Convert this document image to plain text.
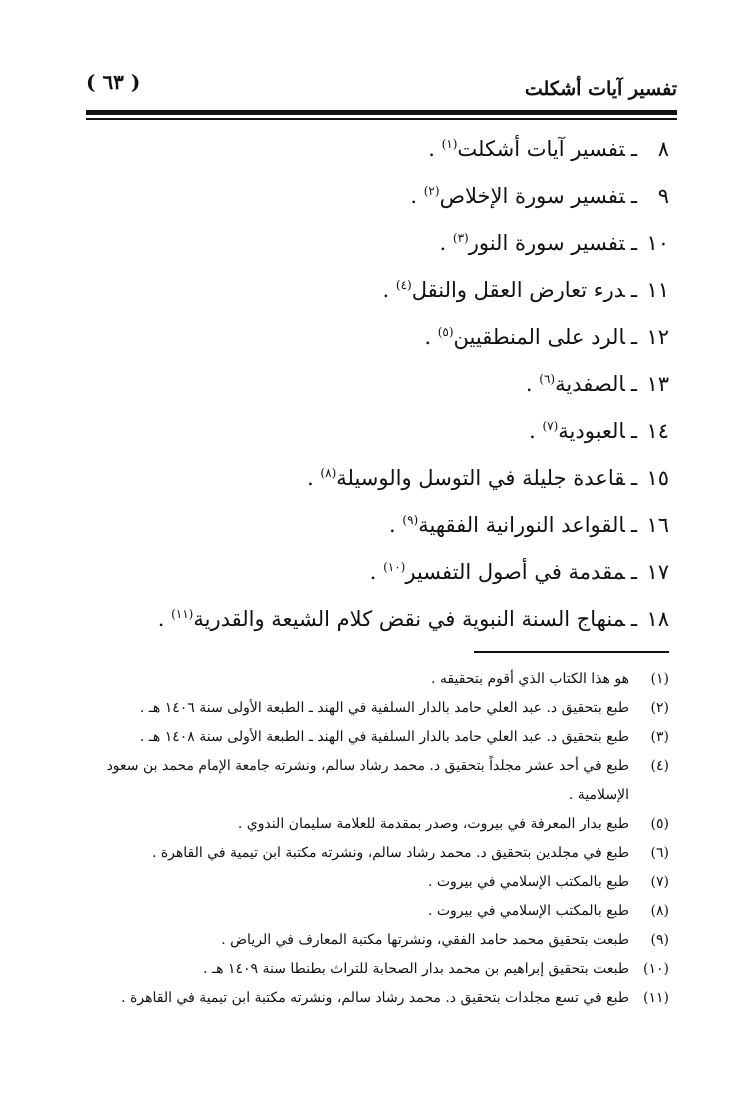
( ٦٣ )	تفسير آيات أشكلت
٨ـتفسير آيات أشكلت$^{(١)}$ .
٩ـتفسير سورة الإخلاص$^{(٢)}$ .
١٠ـتفسير سورة النور$^{(٣)}$ .
١١ـدرء تعارض العقل والنقل$^{(٤)}$ .
١٢ـالرد على المنطقيين$^{(٥)}$ .
١٣ـالصفدية$^{(٦)}$ .
١٤ـالعبودية$^{(٧)}$ .
١٥ـقاعدة جليلة في التوسل والوسيلة$^{(٨)}$ .
١٦ـالقواعد النورانية الفقهية$^{(٩)}$ .
١٧ـمقدمة في أصول التفسير$^{(١٠)}$ .
١٨ـمنهاج السنة النبوية في نقض كلام الشيعة والقدرية$^{(١١)}$ .
(١)
هو هذا الكتاب الذي أقوم بتحقيقه .
(٢)
طبع بتحقيق د. عبد العلي حامد بالدار السلفية في الهند ـ الطبعة الأولى سنة ١٤٠٦ هـ .
(٣)
طبع بتحقيق د. عبد العلي حامد بالدار السلفية في الهند ـ الطبعة الأولى سنة ١٤٠٨ هـ .
(٤)
طبع في أحد عشر مجلداً بتحقيق د. محمد رشاد سالم، ونشرته جامعة الإمام محمد بن سعود الإسلامية .
(٥)
طبع بدار المعرفة في بيروت، وصدر بمقدمة للعلامة سليمان الندوي .
(٦)
طبع في مجلدين بتحقيق د. محمد رشاد سالم، ونشرته مكتبة ابن تيمية في القاهرة .
(٧)
طبع بالمكتب الإسلامي في بيروت .
(٨)
طبع بالمكتب الإسلامي في بيروت .
(٩)
طبعت بتحقيق محمد حامد الفقي، ونشرتها مكتبة المعارف في الرياض .
(١٠)
طبعت بتحقيق إبراهيم بن محمد بدار الصحابة للتراث بطنطا سنة ١٤٠٩ هـ .
(١١)
طبع في تسع مجلدات بتحقيق د. محمد رشاد سالم، ونشرته مكتبة ابن تيمية في القاهرة .
